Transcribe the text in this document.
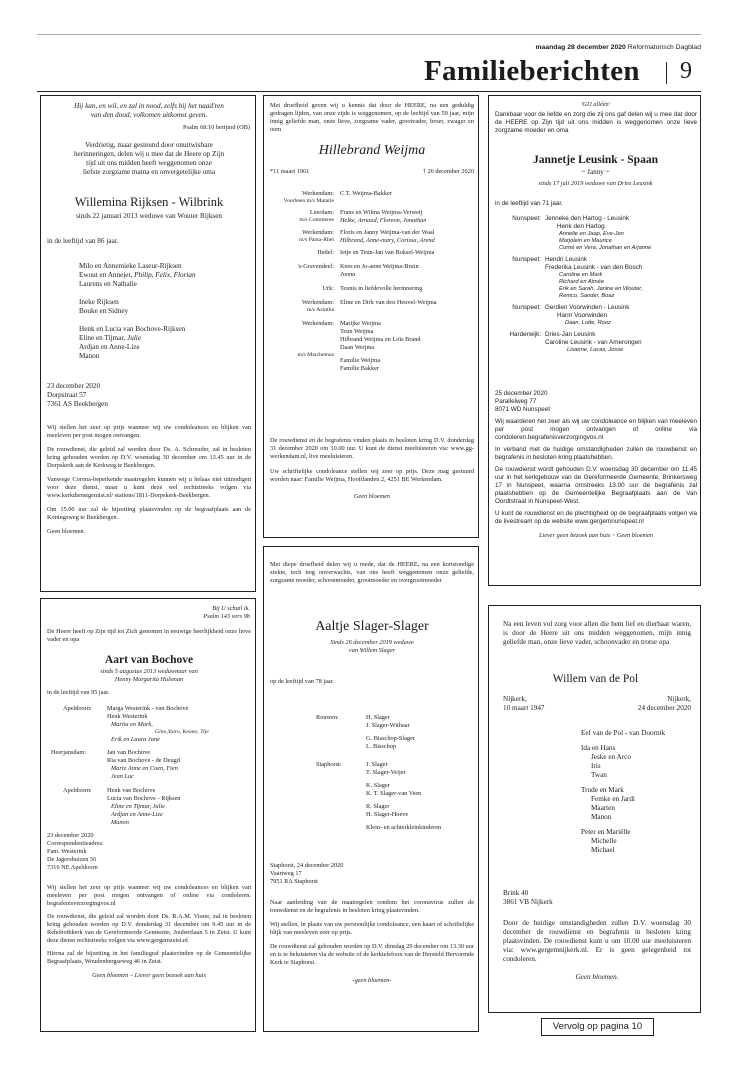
maandag 28 december 2020 Reformatorisch Dagblad
Familieberichten 9
Hij kan, en wil, en zal in nood, zelfs bij het naad'ren
van den dood, volkomen uitkomst geven.
Psalm 68:10 berijmd (OB)
Verdrietig, maar gesteund door onuitwisbare
herinneringen, delen wij u mee dat de Heere op Zijn
tijd uit ons midden heeft weggenomen onze
liefste zorgzame mama en onvergetelijke oma
Willemina Rijksen - Wilbrink
sinds 22 januari 2013 weduwe van Wouter Rijksen
in de leeftijd van 86 jaar.
Milo en Annemieke Laseur-Rijksen
Ewout en Annejet, Philip, Felix, Florian
Laurens en Nathalie
Ineke Rijksen
Bouke en Sidney
Henk en Lucia van Bochove-Rijksen
Eline en Tijmar, Julie
Ardjan en Anne-Lize
Manon
23 december 2020
Dorpstraat 57
7361 AS Beekbergen
Wij stellen het zeer op prijs wanneer wij uw condoleances en blijken van meeleven per post mogen ontvangen.
De rouwdienst, die geleid zal worden door Ds. A. Schreuder, zal in besloten kring gehouden worden op D.V. woensdag 30 december om 13.45 uur in de Dorpskerk aan de Kerkweg te Beekbergen.
Vanwege Corona-beperkende maatregelen kunnen wij u helaas niet uitnodigen voor deze dienst, maar u kunt deze wel rechtstreeks volgen via www.kerkdienstgemist.nl/ stations/1811-Dorpskerk-Beekbergen.
Om 15.00 uur zal de bijzetting plaatsvinden op de begraafplaats aan de Koningsweg te Beekbergen.
Geen bloemen.
Bij U schuil ik.
Psalm 143 vers 9b
De Heere heeft op Zijn tijd tot Zich genomen in eeuwige heerlijkheid onze lieve vader en opa
Aart van Bochove
sinds 5 augustus 2013 weduwnaar van
Henny Margarita Hulsman
in de leeftijd van 95 jaar.
Apeldoorn: Marga Westerink - van Bochove
Henk Westerink
Marita en Mark,
Gino,Yairo, Keano, Tije
Erik en Laura Jane
Heerjansdam:	Jan van Bochove
Ria van Bochove - de Deugd
Marie Anne en Coen, Fien
Jean Luc
Apeldoorn: Henk van Bochove
Lucia van Bochove - Rijksen
Eline en Tijmar, Julie
Ardjan en Anne-Lize
Manon
23 december 2020
Correspondentieadres:
Fam. Westerink
De Jagershuizen 56
7316 NE Apeldoorn
Wij stellen het zeer op prijs wanneer wij uw condoleances en blijken van meeleven per post mogen ontvangen of online via condoleren. begrafenisverzorgingvos.nl
De rouwdienst, die geleid zal worden door Ds. R.A.M. Visser, zal in besloten kring gehouden worden op D.V. donderdag 31 december om 9.45 uur in de Rehobothkerk van de Gereformeerde Gemeente, Joubertlaan 5 in Zeist. U kunt deze dienst rechtstreeks volgen via www.gergemzeist.nl
Hierna zal de bijzetting in het familiegraf plaatsvinden op de Gemeentelijke Begraafplaats, Woudenbergseweg 46 in Zeist.
Geen bloemen – Liever geen bezoek aan huis
Met droefheid geven wij u kennis dat door de HEERE, na een geduldig gedragen lijden, van onze zijde is weggenomen, op de leeftijd van 59 jaar, mijn innig geliefde man, onze lieve, zorgzame vader, grootvader, broer, zwager en oom
Hillebrand Weijma
*11 maart 1961	† 26 december 2020
Werkendam:
Voorheen m/s Mutatie
C.T. Weijma-Bakker
Leerdam:
m/s Commeree
Frans en Wilma Weijma-Verweij
Helke, Arnoud, Floreon, Jonathan
Werkendam:
m/s Panta-Rhei
Floris en Janny Weijma-van der Waal
Hilbrand, Anne-mary, Corissa, Arend
Hedel: Ietje en Teun-Jan van Boksel-Weijma
's-Gravendeel: Kees en Jo-anne Weijma-Bruin
Jonna
Urk: Teunis in liefdevolle herinnering
Werkendam:
m/s Asintha
Eline en Dirk van den Heuvel-Weijma
Werkendam:
m/s Marchemos
Marijke Weijma
Teun Weijma
Hilbrand Weijma en Loïs Brand
Daan Weijma
Familie Weijma
Familie Bakker
De rouwdienst en de begrafenis vinden plaats in besloten kring D.V. donderdag 31 december 2020 om 10.00 uur. U kunt de dienst meeluisteren via: www.gg-werkendam.nl, live meeluisteren.
Uw schriftelijke condoleance stellen wij zeer op prijs. Deze mag gestuurd worden naar: Familie Weijma, Hooftlanden 2, 4251 BE Werkendam.
Geen bloemen
Met diepe droefheid delen wij u mede, dat de HEERE, na een kortstondige ziekte, toch nog onverwachts, van ons heeft weggenomen onze geliefde, zorgzame moeder, schoonmoeder, grootmoeder en overgrootmoeder
Aaltje Slager-Slager
Sinds 26 december 2019 weduwe
van Willem Slager
op de leeftijd van 78 jaar.
Rouwen:	H. Slager
J. Slager-Withaar
G. Bisschop-Slager
L. Bisschop
Staphorst:	J. Slager
T. Slager-Veijer
K. Slager
K. T. Slager-van Veen
R. Slager
H. Slager-Hoeve
Klein- en achterkleinkinderen
Staphorst, 24 december 2020
Vaartweg 17
7951 RA Staphorst
Naar aanleiding van de maatregelen rondom het coronavirus zullen de rouwdienst en de begrafenis in besloten kring plaatsvinden.
Wij stellen, in plaats van uw persoonlijke condoleance, een kaart of schriftelijke blijk van meeleven zeer op prijs.
De rouwdienst zal gehouden worden op D.V. dinsdag 29 december om 13.30 uur en is te beluisteren via de website of de kerktelefoon van de Hersteld Hervormde Kerk te Staphorst.
-geen bloemen-
'GIJ alléén'
Dankbaar voor de liefde en zorg die zij ons gaf delen wij u mee dat door de HEERE op Zijn tijd uit ons midden is weggenomen onze lieve zorgzame moeder en oma
Jannetje Leusink - Spaan
~ Janny ~
sinds 17 juli 2019 weduwe van Dries Leusink
in de leeftijd van 71 jaar.
Nunspeet: Jenneke den Hartog - Leusink
Henk den Hartog
Annelie en Jaap, Eve-Jen
Marjolein en Maurice
Corné en Vera, Jonathan en Arjanne
Nunspeet: Hendri Leusink
Frederika Leusink - van den Bosch
Caroline en Mark
Richard en Aimée
Erik en Sarah, Janine en Wouter,
Remco, Sander, Boaz
Nunspeet: Gerdien Voorwinden - Leusink
Harm Voorwinden
Daan, Lotte, Rooz
Harderwijk: Dries-Jan Leusink
Caroline Leusink - van Amerongen
Lisanne, Lucas, Josse
25 december 2020
Parallelweg 77
8071 WD Nunspeet
Wij waarderen het zeer als wij uw condoleance en blijken van meeleven per post mogen ontvangen of online via condoleren.begrafenisverzorgingvos.nl
In verband met de huidige omstandigheden zullen de rouwdienst en begrafenis in besloten kring plaatshebben.
De rouwdienst wordt gehouden D.V. woensdag 30 december om 11.45 uur in het kerkgebouw van de Gereformeerde Gemeente, Brinkersweg 17 in Nunspeet, waarna omstreeks 13.00 uur de begrafenis zal plaatshebben op de Gemeentelijke Begraafplaats aan de Van Oordtstraat in Nunspeet-West.
U kunt de rouwdienst en de plechtigheid op de begraafplaats volgen via de livestream op de website www.gergemnunspeet.nl
Liever geen bezoek aan huis ~ Geen bloemen
Na een leven vol zorg voor allen die hem lief en dierbaar waren, is door de Heere uit ons midden weggenomen, mijn innig geliefde man, onze lieve vader, schoonvader en trotse opa
Willem van de Pol
Nijkerk,
10 maart 1947
Nijkerk,
24 december 2020
Eef van de Pol - van Doornik
Ida en Hans
Jeske en Arco
Iris
Twan
Trude en Mark
Femke en Jardi
Maarten
Manon
Peter en Mariëlle
Michelle
Michael
Brink 40
3861 VB Nijkerk
Door de huidige omstandigheden zullen D.V. woensdag 30 december de rouwdienst en begrafenis in besloten kring plaatsvinden. De rouwdienst kunt u om 10.00 uur meeluisteren via: www.gergemnijkerk.nl. Er is geen gelegenheid tot condoleren.
Geen bloemen.
Vervolg op pagina 10
